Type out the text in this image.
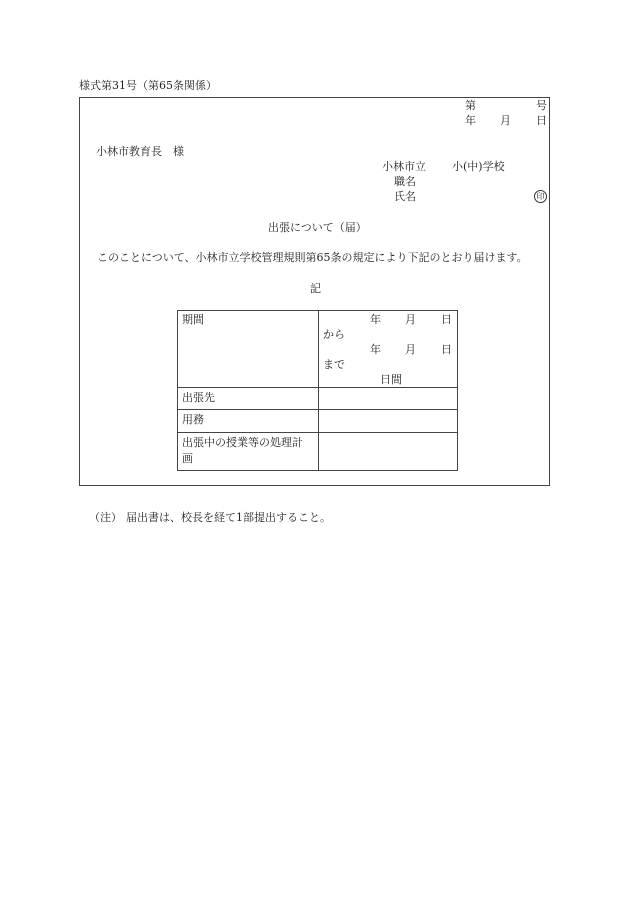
様式第31号（第65条関係）
第	号
年 月 日
小林市教育長　様
小林市立 小(中)学校
職名
氏名	印
出張について（届）
このことについて、小林市立学校管理規則第65条の規定により下記のとおり届けます。
記
期間	年 月 日
から
年 月 日
まで
日間
出張先
用務
出張中の授業等の処理計
画
（注） 届出書は、校長を経て1部提出すること。
